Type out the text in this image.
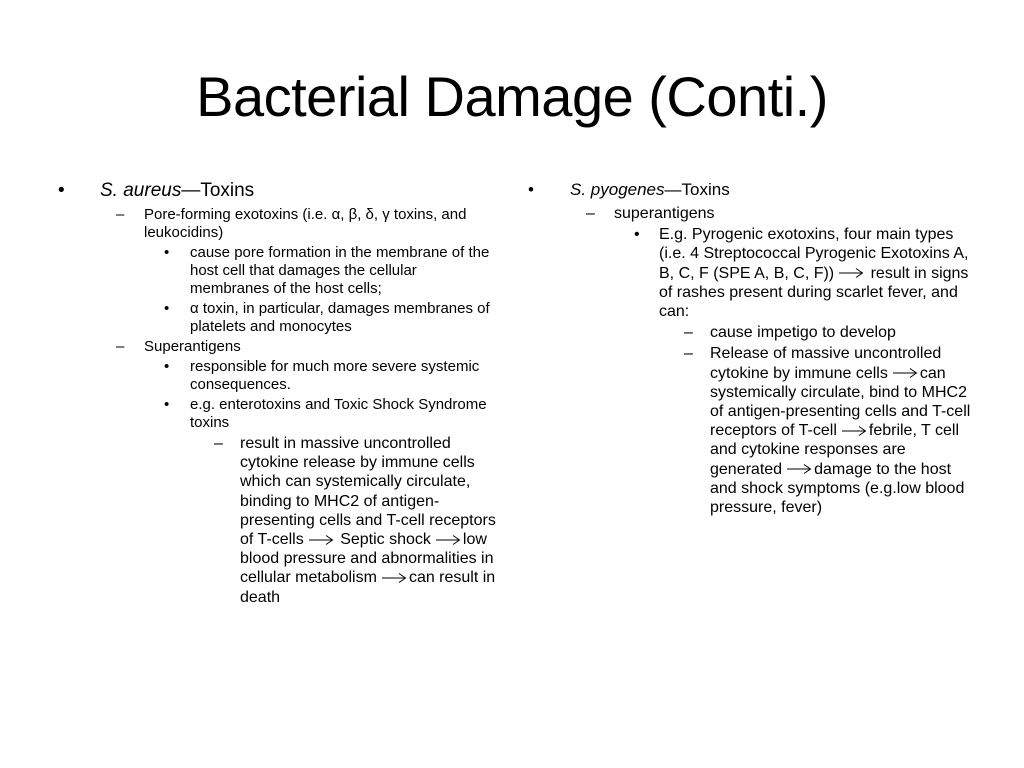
Bacterial Damage (Conti.)
• S. aureus—Toxins
– Pore-forming exotoxins (i.e. α, β, δ, γ toxins, and leukocidins)
• cause pore formation in the membrane of the host cell that damages the cellular membranes of the host cells;
• α toxin, in particular, damages membranes of platelets and monocytes
– Superantigens
• responsible for much more severe systemic consequences.
• e.g. enterotoxins and Toxic Shock Syndrome toxins
– result in massive uncontrolled cytokine release by immune cells which can systemically circulate, binding to MHC2 of antigen-presenting cells and T-cell receptors of T-cells Septic shock low blood pressure and abnormalities in cellular metabolism can result in death
• S. pyogenes—Toxins
– superantigens
• E.g. Pyrogenic exotoxins, four main types (i.e. 4 Streptococcal Pyrogenic Exotoxins A, B, C, F (SPE A, B, C, F)) result in signs of rashes present during scarlet fever, and can:
– cause impetigo to develop
– Release of massive uncontrolled cytokine by immune cells can systemically circulate, bind to MHC2 of antigen-presenting cells and T-cell receptors of T-cell febrile, T cell and cytokine responses are generated damage to the host and shock symptoms (e.g.low blood pressure, fever)
